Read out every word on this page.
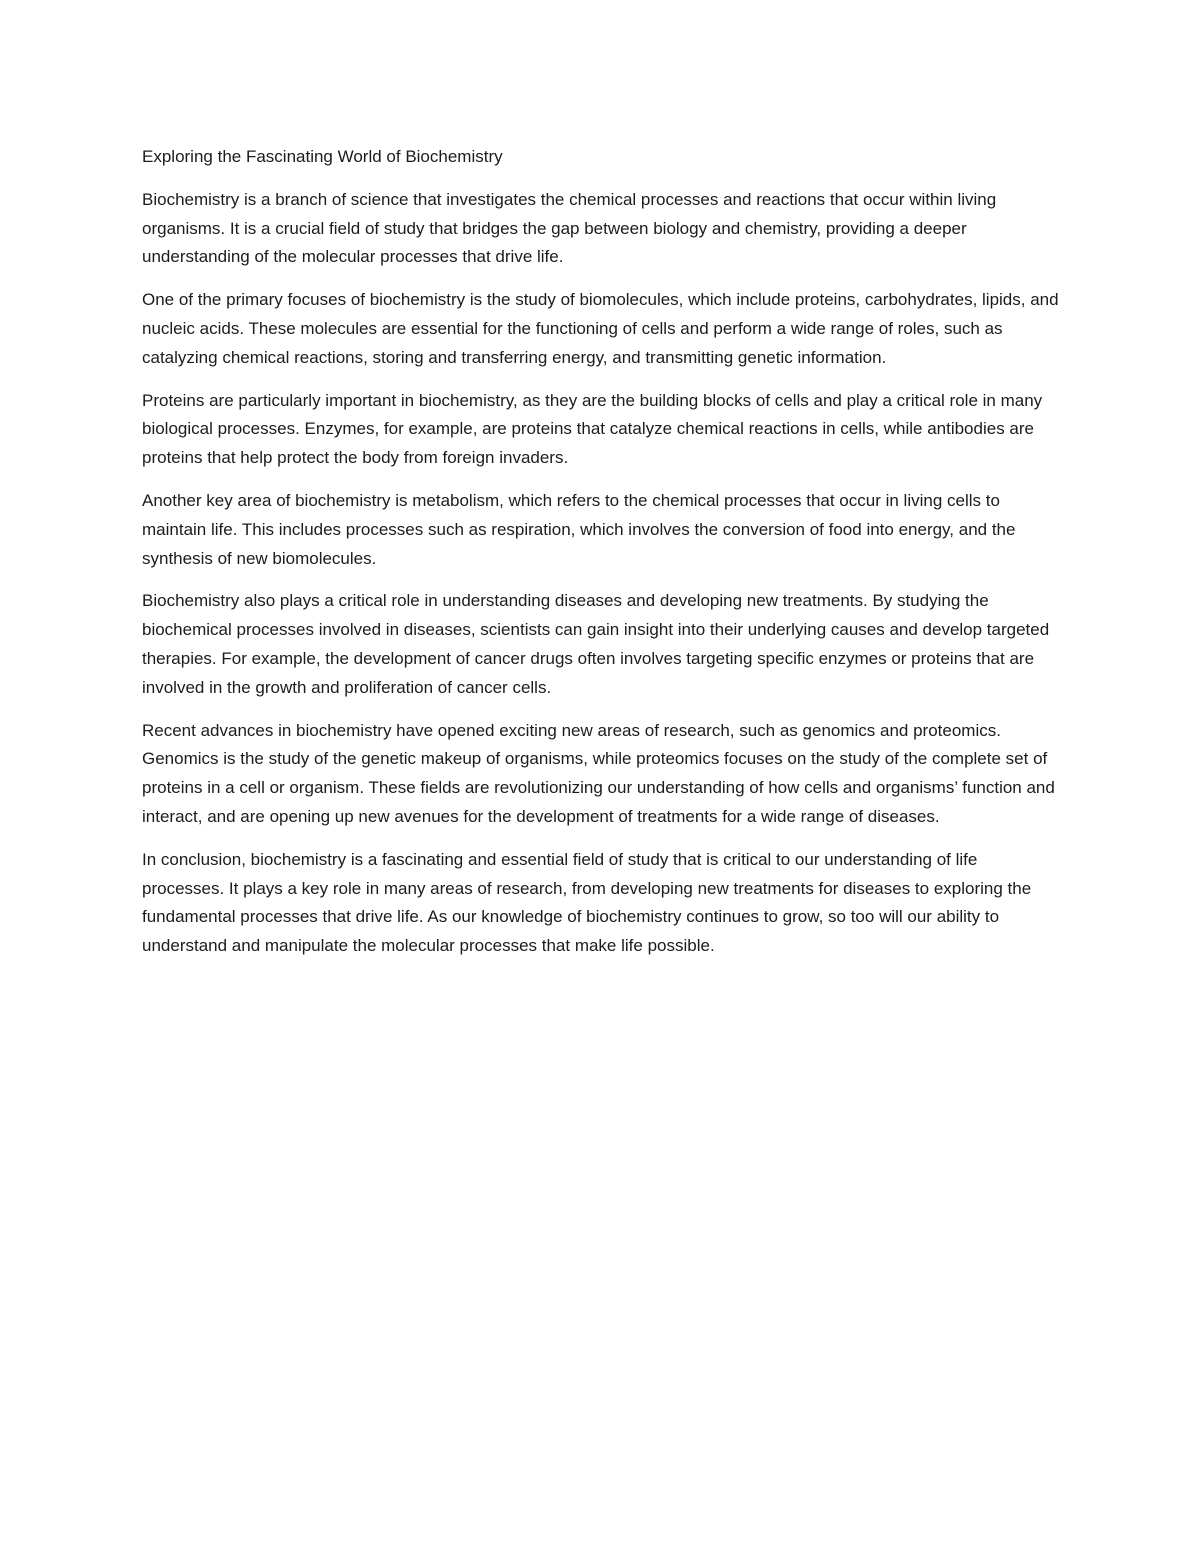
Exploring the Fascinating World of Biochemistry

Biochemistry is a branch of science that investigates the chemical processes and reactions that occur within living organisms. It is a crucial field of study that bridges the gap between biology and chemistry, providing a deeper understanding of the molecular processes that drive life.

One of the primary focuses of biochemistry is the study of biomolecules, which include proteins, carbohydrates, lipids, and nucleic acids. These molecules are essential for the functioning of cells and perform a wide range of roles, such as catalyzing chemical reactions, storing and transferring energy, and transmitting genetic information.

Proteins are particularly important in biochemistry, as they are the building blocks of cells and play a critical role in many biological processes. Enzymes, for example, are proteins that catalyze chemical reactions in cells, while antibodies are proteins that help protect the body from foreign invaders.

Another key area of biochemistry is metabolism, which refers to the chemical processes that occur in living cells to maintain life. This includes processes such as respiration, which involves the conversion of food into energy, and the synthesis of new biomolecules.

Biochemistry also plays a critical role in understanding diseases and developing new treatments. By studying the biochemical processes involved in diseases, scientists can gain insight into their underlying causes and develop targeted therapies. For example, the development of cancer drugs often involves targeting specific enzymes or proteins that are involved in the growth and proliferation of cancer cells.

Recent advances in biochemistry have opened exciting new areas of research, such as genomics and proteomics. Genomics is the study of the genetic makeup of organisms, while proteomics focuses on the study of the complete set of proteins in a cell or organism. These fields are revolutionizing our understanding of how cells and organisms’ function and interact, and are opening up new avenues for the development of treatments for a wide range of diseases.

In conclusion, biochemistry is a fascinating and essential field of study that is critical to our understanding of life processes. It plays a key role in many areas of research, from developing new treatments for diseases to exploring the fundamental processes that drive life. As our knowledge of biochemistry continues to grow, so too will our ability to understand and manipulate the molecular processes that make life possible.
